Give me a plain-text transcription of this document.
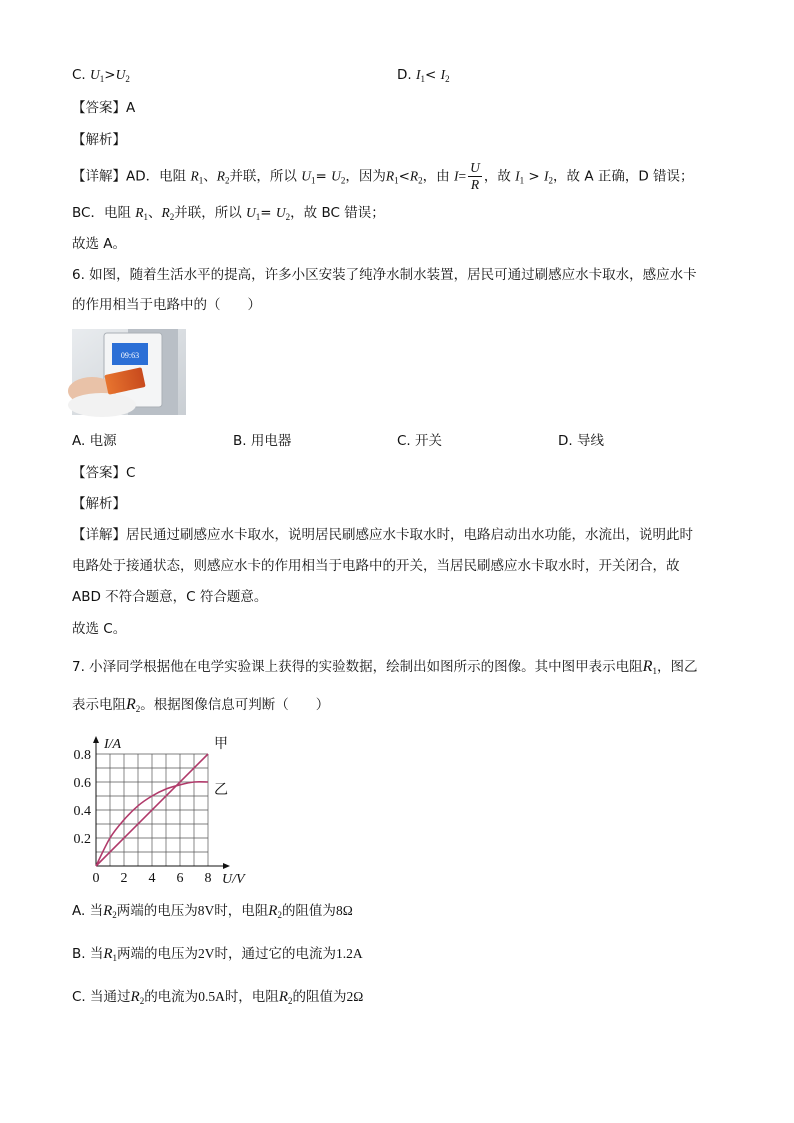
C. $U_1>U_2$	D. $I_1< I_2$
【答案】A
【解析】
【详解】AD．电阻 $R_1$、$R_2$并联，所以 $U_1= U_2$，因为$R_1<R_2$，由 $I= \frac{U}{R}$ ，故 $I_1 > I_2$，故 A 正确，D 错误；
BC．电阻 $R_1$、$R_2$并联，所以 $U_1= U_2$，故 BC 错误；
故选 A。
6. 如图，随着生活水平的提高，许多小区安装了纯净水制水装置，居民可通过刷感应水卡取水，感应水卡
的作用相当于电路中的（　　）
09:63
A. 电源	B. 用电器	C. 开关	D. 导线
【答案】C
【解析】
【详解】居民通过刷感应水卡取水，说明居民刷感应水卡取水时，电路启动出水功能，水流出，说明此时
电路处于接通状态，则感应水卡的作用相当于电路中的开关，当居民刷感应水卡取水时，开关闭合，故
ABD 不符合题意，C 符合题意。
故选 C。
7. 小泽同学根据他在电学实验课上获得的实验数据，绘制出如图所示的图像。其中图甲表示电阻$R_1$，图乙
表示电阻$R_2$。根据图像信息可判断（　　）
0 2 4 6 8
0.2
0.4
0.6
0.8
U/V
I/A	甲
乙
A. 当$R_2$两端的电压为8V时，电阻$R_2$的阻值为8Ω
B. 当$R_1$两端的电压为2V时，通过它的电流为1.2A
C. 当通过$R_2$的电流为0.5A时，电阻$R_2$的阻值为2Ω
